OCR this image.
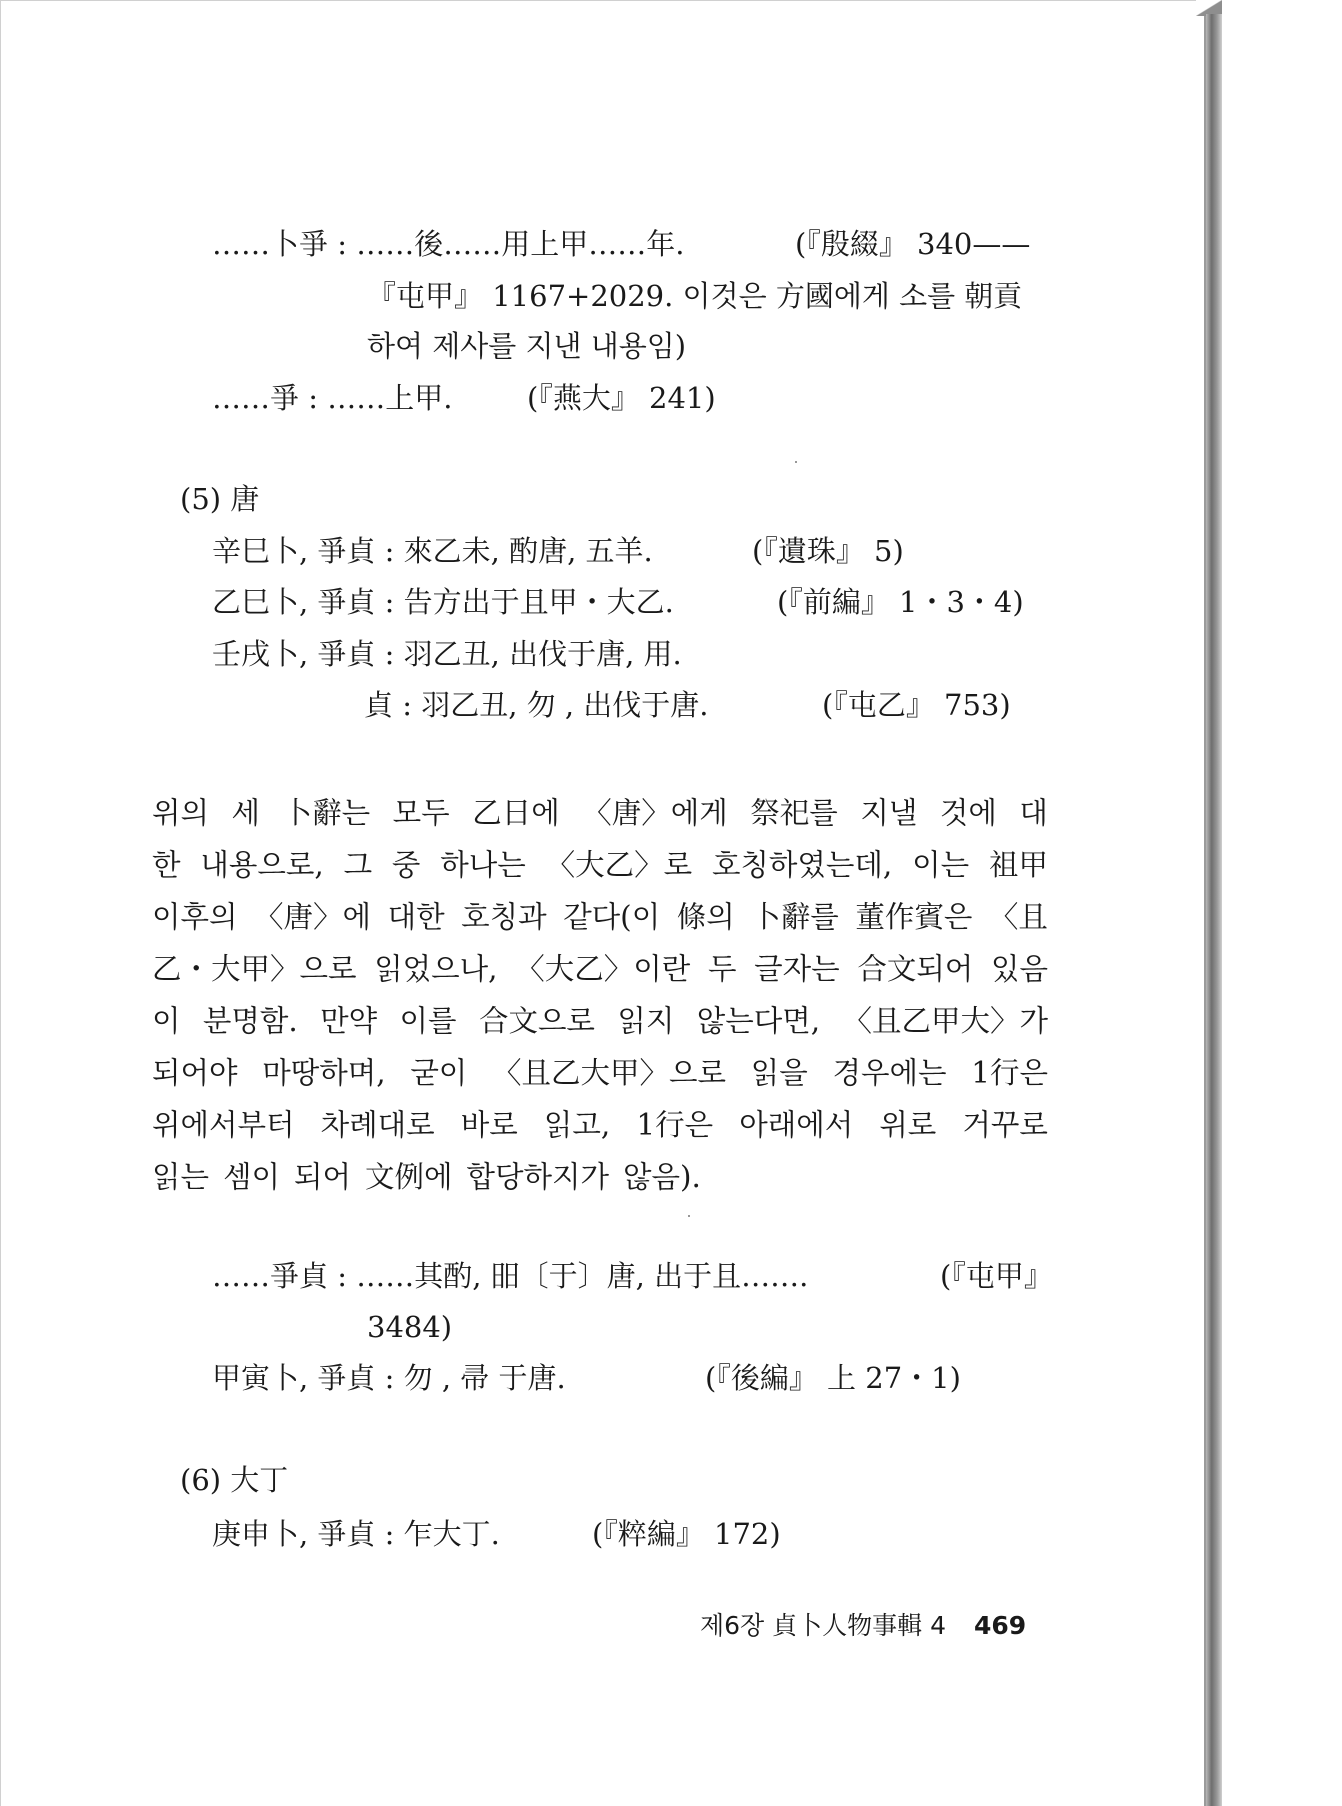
……卜爭 : ……後……用上甲……年.	(『殷綴』 340——
『屯甲』 1167+2029. 이것은 方國에게 소를 朝貢
하여 제사를 지낸 내용임)
……爭 : ……上甲.	(『燕大』 241)
(5) 唐
辛巳卜, 爭貞 : 來乙未, 酌唐, 五羊.	(『遺珠』 5)
乙巳卜, 爭貞 : 告方出于且甲・大乙.	(『前編』 1・3・4)
壬戌卜, 爭貞 : 羽乙丑, 出伐于唐, 用.
貞 : 羽乙丑, 勿 , 出伐于唐.	(『屯乙』 753)
위의 세 卜辭는 모두 乙日에 〈唐〉에게 祭祀를 지낼 것에 대
한 내용으로, 그 중 하나는 〈大乙〉로 호칭하였는데, 이는 祖甲
이후의 〈唐〉에 대한 호칭과 같다(이 條의 卜辭를 董作賓은 〈且
乙・大甲〉으로 읽었으나, 〈大乙〉이란 두 글자는 合文되어 있음
이 분명함. 만약 이를 合文으로 읽지 않는다면, 〈且乙甲大〉가
되어야 마땅하며, 굳이 〈且乙大甲〉으로 읽을 경우에는 1行은
위에서부터 차례대로 바로 읽고, 1行은 아래에서 위로 거꾸로
읽는 셈이 되어 文例에 합당하지가 않음).
……爭貞 : ……其酌, 昍〔于〕唐, 出于且…….	(『屯甲』
3484)
甲寅卜, 爭貞 : 勿 , 帚 于唐.	(『後編』 上 27・1)
(6) 大丁
庚申卜, 爭貞 : 乍大丁.	(『粹編』 172)
제6장 貞卜人物事輯 4 469
